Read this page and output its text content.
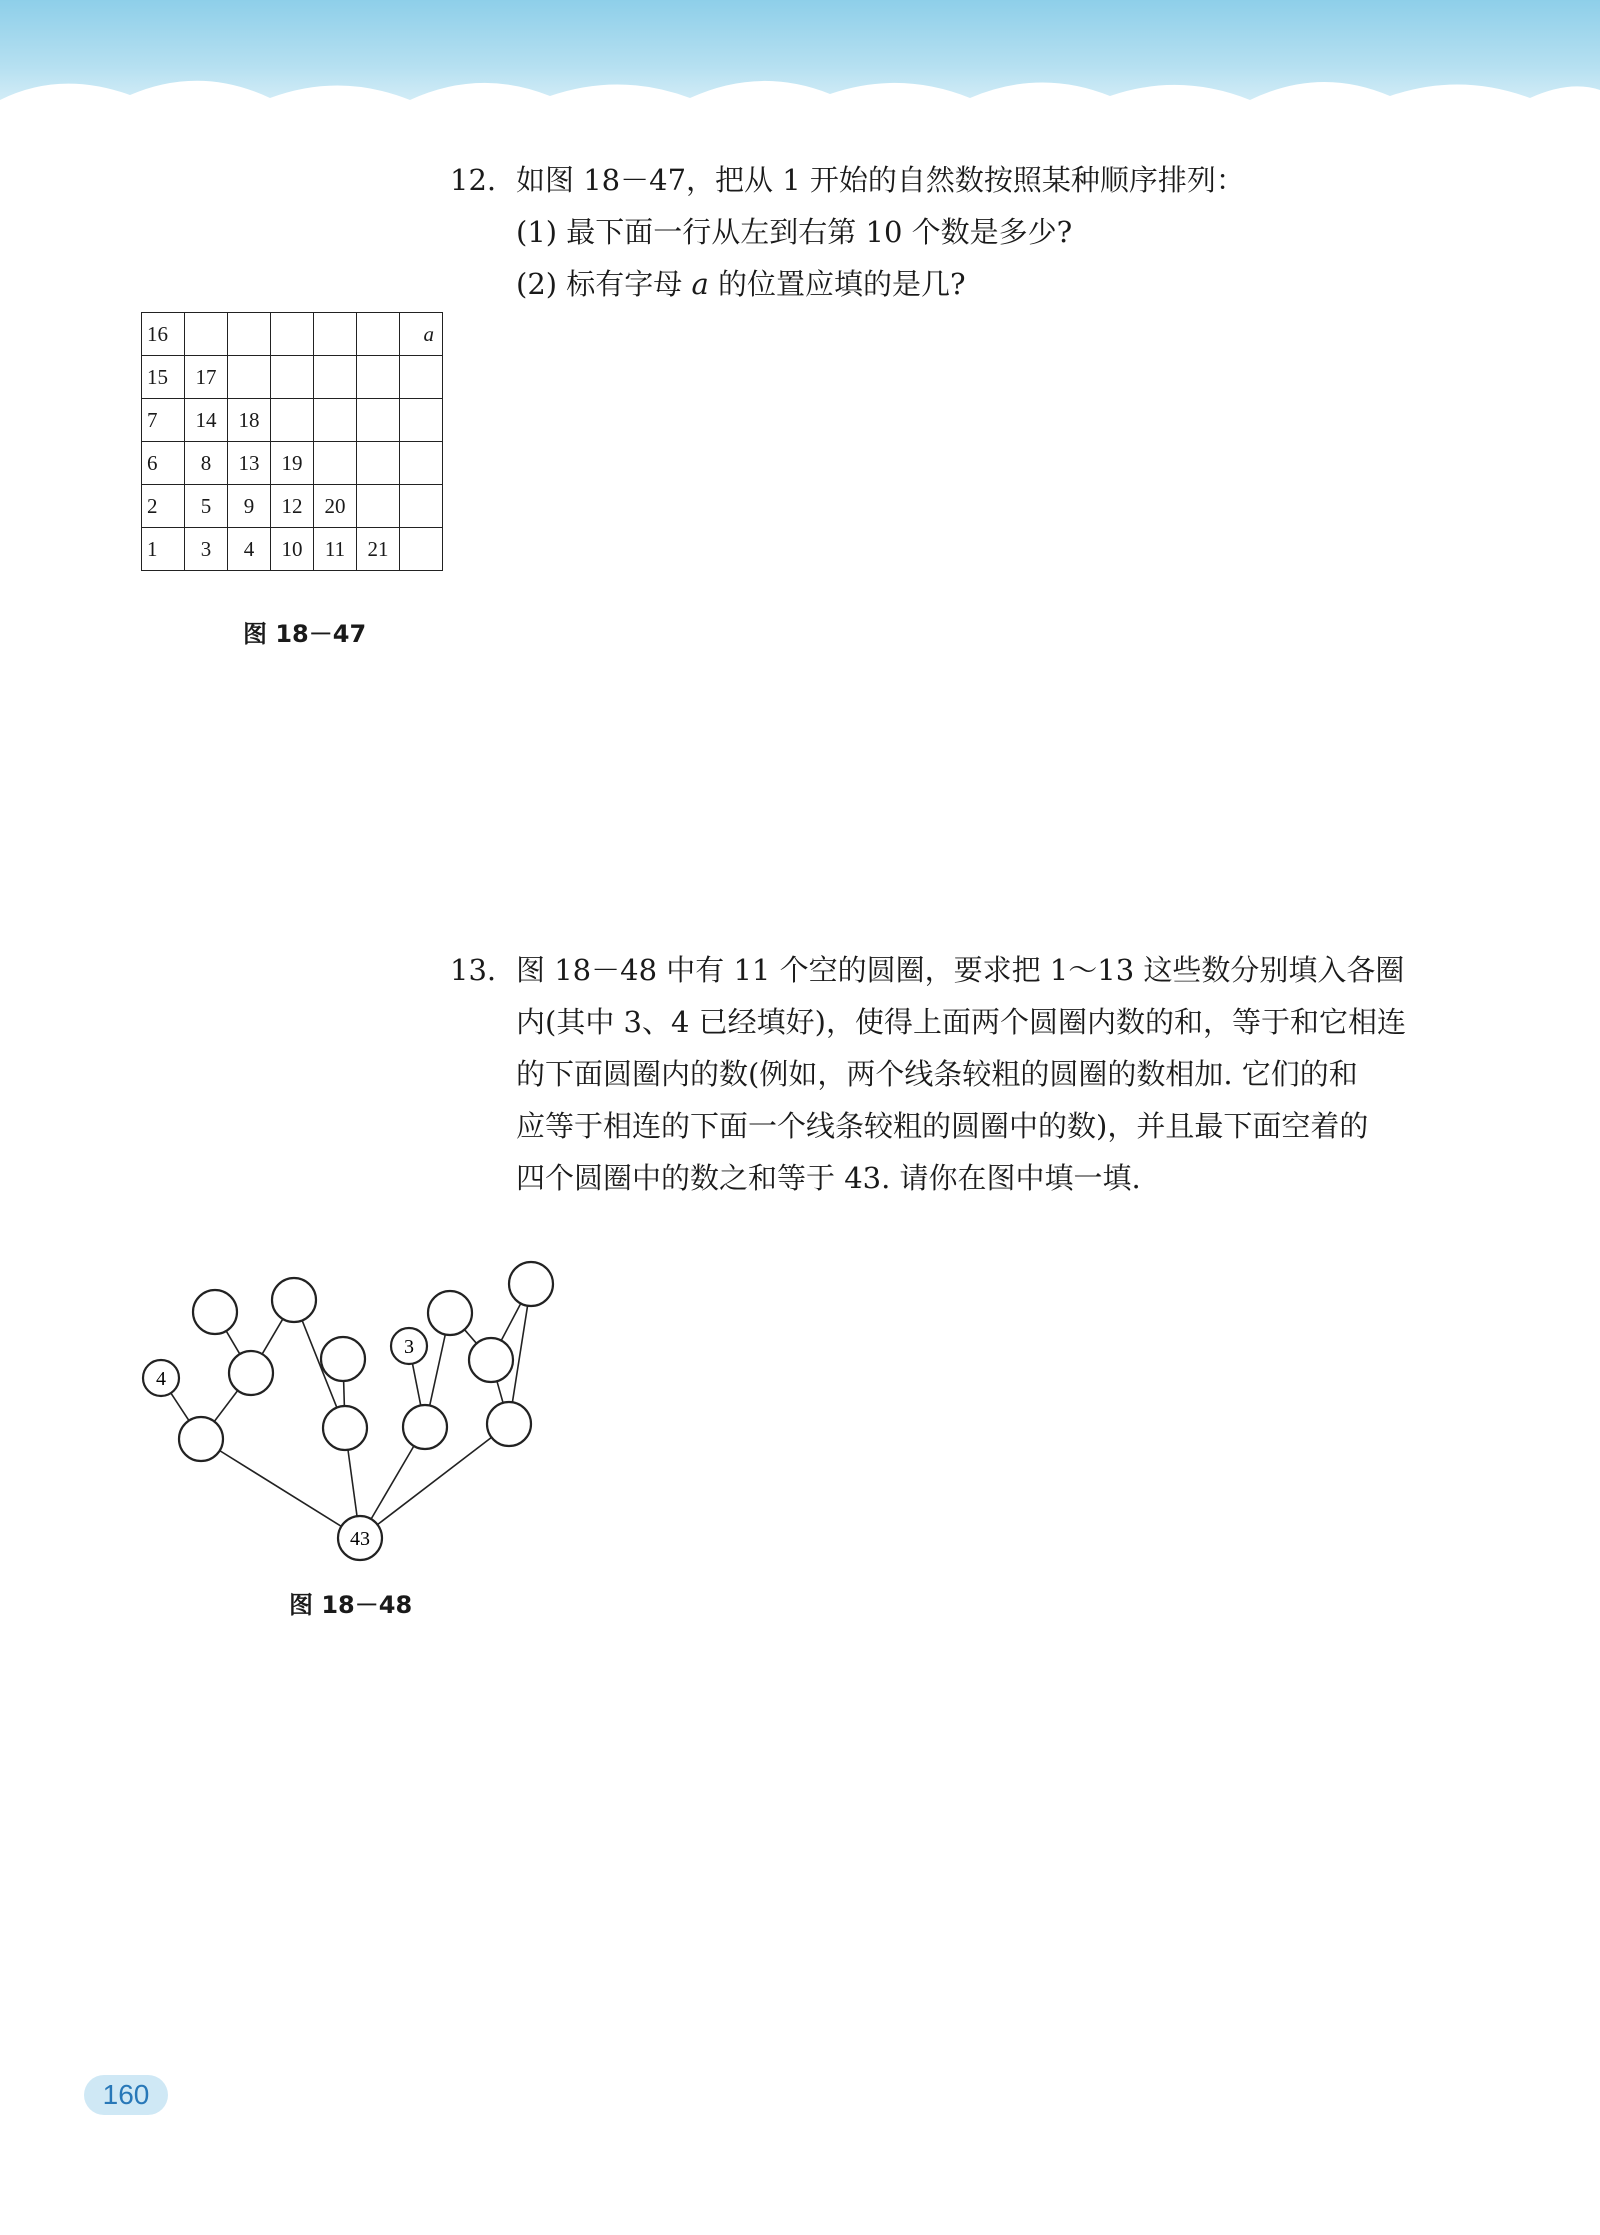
12. 如图 18－47，把从 1 开始的自然数按照某种顺序排列：
(1) 最下面一行从左到右第 10 个数是多少?
(2) 标有字母 a 的位置应填的是几?
16						a
15	17					
7	14	18				
6	8	13	19			
2	5	9	12	20		
1	3	4	10	11	21	
图 18－47
13. 图 18－48 中有 11 个空的圆圈，要求把 1～13 这些数分别填入各圈
内(其中 3、4 已经填好)，使得上面两个圆圈内数的和，等于和它相连
的下面圆圈内的数(例如，两个线条较粗的圆圈的数相加. 它们的和
应等于相连的下面一个线条较粗的圆圈中的数)，并且最下面空着的
四个圆圈中的数之和等于 43. 请你在图中填一填.
4
3
43
图 18－48
160
